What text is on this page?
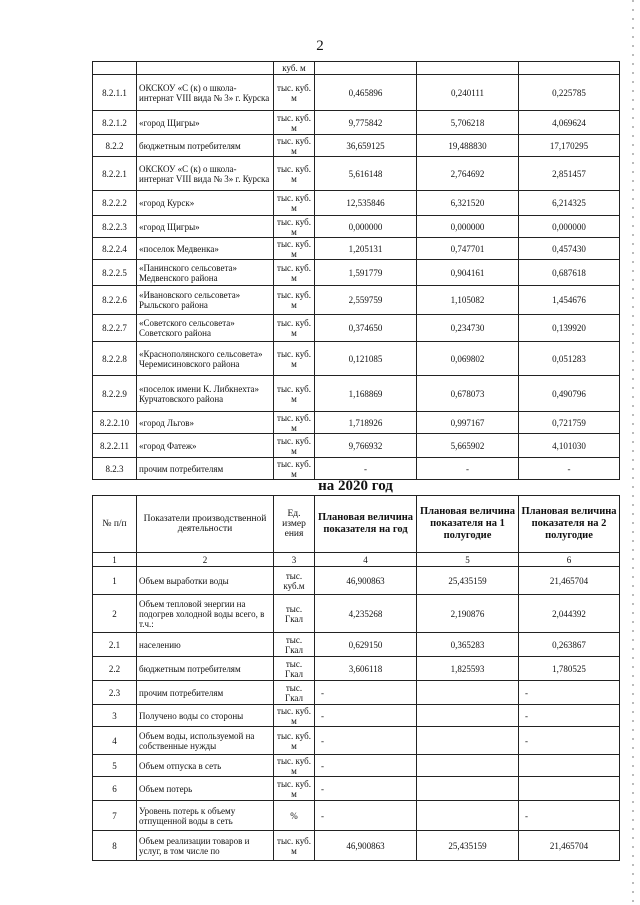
2
		куб. м			
8.2.1.1	ОКСКОУ «С (к) о школа-интернат VIII вида № 3» г. Курска	тыс. куб. м	0,465896	0,240111	0,225785
8.2.1.2	«город Щигры»	тыс. куб. м	9,775842	5,706218	4,069624
8.2.2	бюджетным потребителям	тыс. куб. м	36,659125	19,488830	17,170295
8.2.2.1	ОКСКОУ «С (к) о школа-интернат VIII вида № 3» г. Курска	тыс. куб. м	5,616148	2,764692	2,851457
8.2.2.2	«город Курск»	тыс. куб. м	12,535846	6,321520	6,214325
8.2.2.3	«город Щигры»	тыс. куб. м	0,000000	0,000000	0,000000
8.2.2.4	«поселок Медвенка»	тыс. куб. м	1,205131	0,747701	0,457430
8.2.2.5	«Панинского сельсовета» Медвенского района	тыс. куб. м	1,591779	0,904161	0,687618
8.2.2.6	«Ивановского сельсовета» Рыльского района	тыс. куб. м	2,559759	1,105082	1,454676
8.2.2.7	«Советского сельсовета» Советского района	тыс. куб. м	0,374650	0,234730	0,139920
8.2.2.8	«Краснополянского сельсовета» Черемисиновского района	тыс. куб. м	0,121085	0,069802	0,051283
8.2.2.9	«поселок имени К. Либкнехта» Курчатовского района	тыс. куб. м	1,168869	0,678073	0,490796
8.2.2.10	«город Льгов»	тыс. куб. м	1,718926	0,997167	0,721759
8.2.2.11	«город Фатеж»	тыс. куб. м	9,766932	5,665902	4,101030
8.2.3	прочим потребителям	тыс. куб. м	-	-	-
на 2020 год
№ п/п	Показатели производственной деятельности	Ед. измер ения	Плановая величина показателя на год	Плановая величина показателя на 1 полугодие	Плановая величина показателя на 2 полугодие
1	2	3	4	5	6
1	Объем выработки воды	тыс. куб.м	46,900863	25,435159	21,465704
2	Объем тепловой энергии на подогрев холодной воды всего, в т.ч.:	тыс. Гкал	4,235268	2,190876	2,044392
2.1	населению	тыс. Гкал	0,629150	0,365283	0,263867
2.2	бюджетным потребителям	тыс. Гкал	3,606118	1,825593	1,780525
2.3	прочим потребителям	тыс. Гкал	-		-
3	Получено воды со стороны	тыс. куб. м	-		-
4	Объем воды, используемой на собственные нужды	тыс. куб. м	-		-
5	Объем отпуска в сеть	тыс. куб. м	-		
6	Объем потерь	тыс. куб. м	-		
7	Уровень потерь к объему отпущенной воды в сеть	%	-		-
8	Объем реализации товаров и услуг, в том числе по	тыс. куб. м	46,900863	25,435159	21,465704
